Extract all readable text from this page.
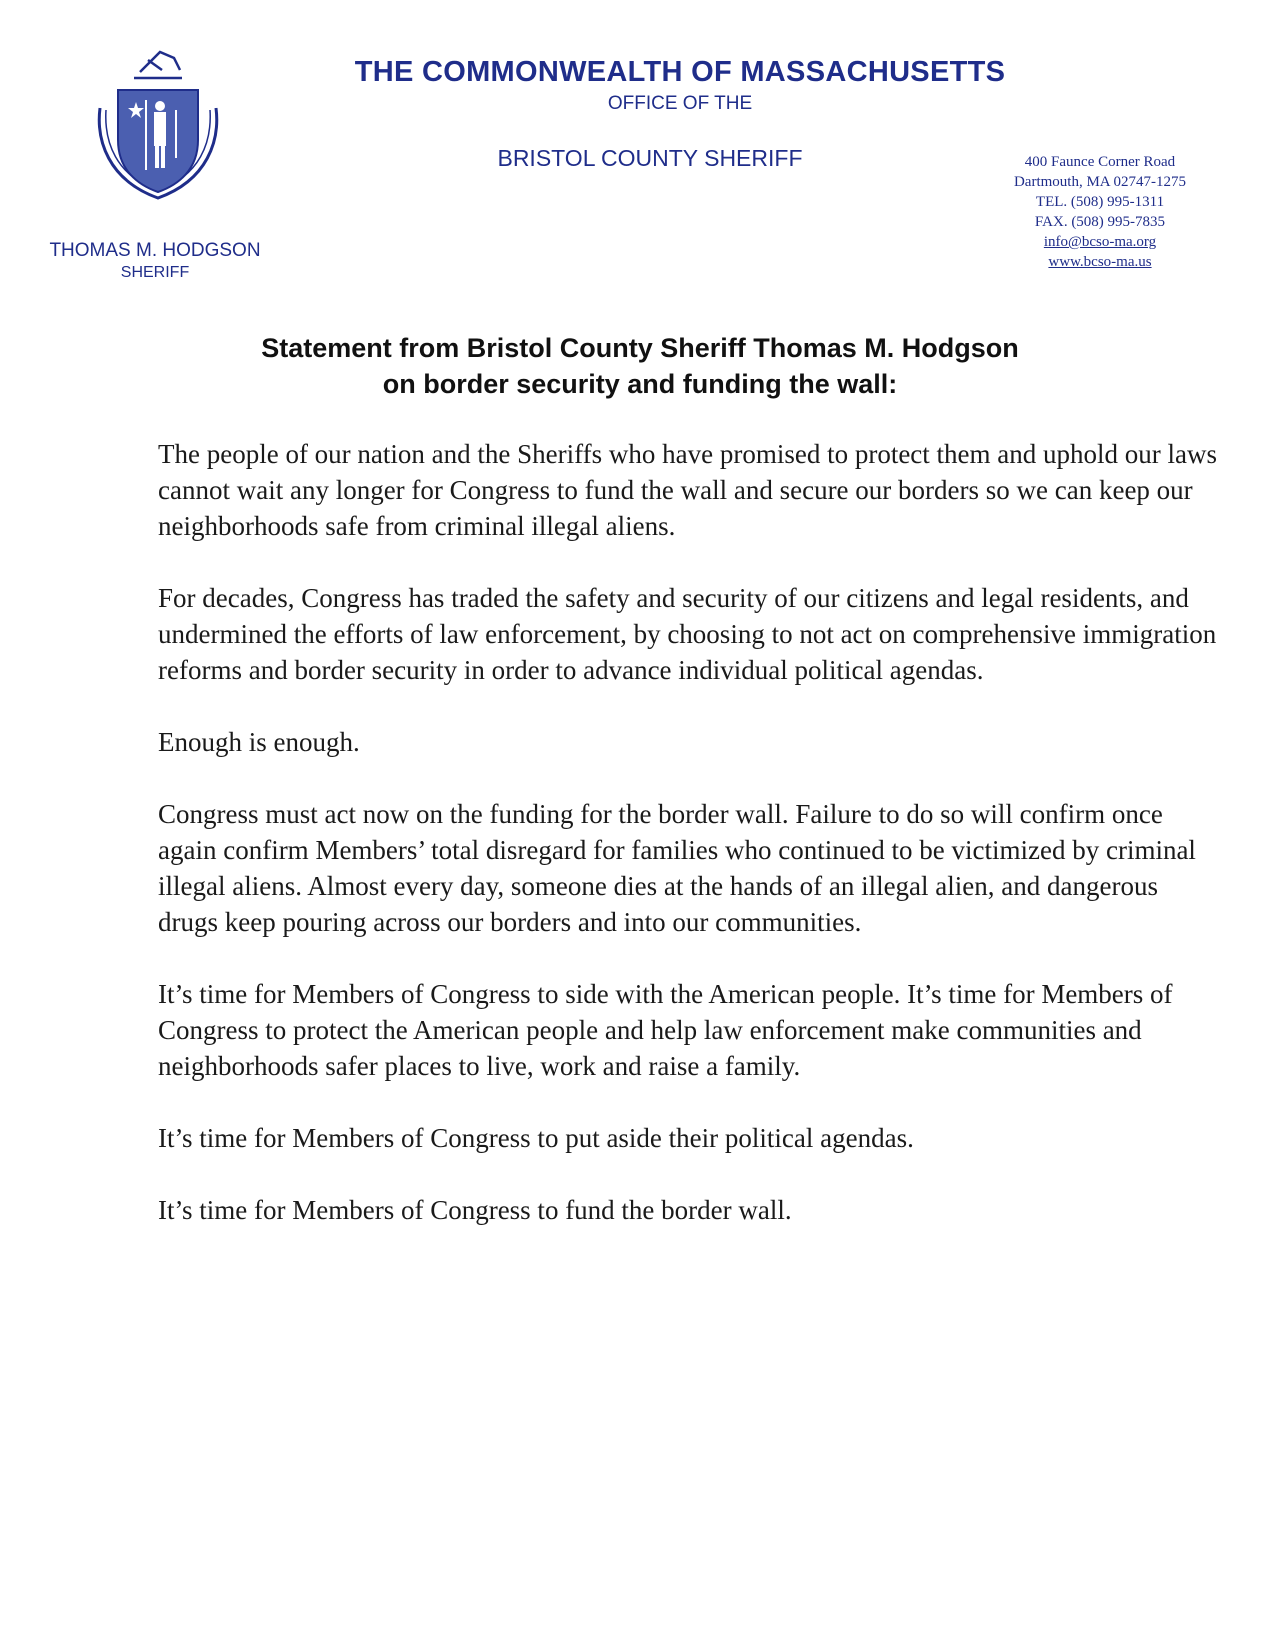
THOMAS M. HODGSON
SHERIFF
THE COMMONWEALTH OF MASSACHUSETTS
OFFICE OF THE
BRISTOL COUNTY SHERIFF	400 Faunce Corner Road
Dartmouth, MA 02747-1275
TEL. (508) 995-1311
FAX. (508) 995-7835
info@bcso-ma.org
www.bcso-ma.us
Statement from Bristol County Sheriff Thomas M. Hodgson
on border security and funding the wall:

The people of our nation and the Sheriffs who have promised to protect them and uphold our laws cannot wait any longer for Congress to fund the wall and secure our borders so we can keep our neighborhoods safe from criminal illegal aliens.

For decades, Congress has traded the safety and security of our citizens and legal residents, and undermined the efforts of law enforcement, by choosing to not act on comprehensive immigration reforms and border security in order to advance individual political agendas.

Enough is enough.

Congress must act now on the funding for the border wall. Failure to do so will confirm once again confirm Members’ total disregard for families who continued to be victimized by criminal illegal aliens. Almost every day, someone dies at the hands of an illegal alien, and dangerous drugs keep pouring across our borders and into our communities.

It’s time for Members of Congress to side with the American people. It’s time for Members of Congress to protect the American people and help law enforcement make communities and neighborhoods safer places to live, work and raise a family.

It’s time for Members of Congress to put aside their political agendas.

It’s time for Members of Congress to fund the border wall.
